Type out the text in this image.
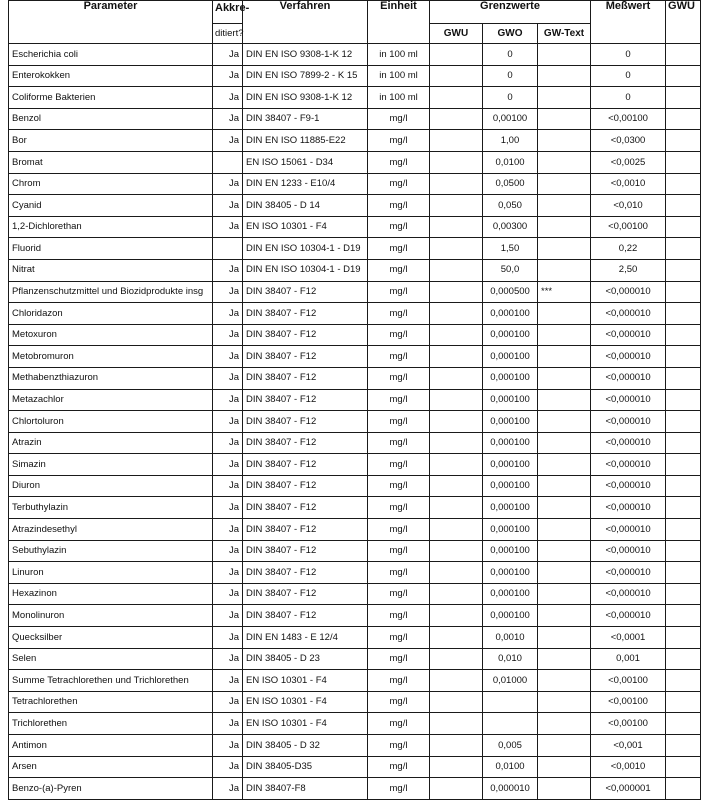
Parameter	Akkre-	Verfahren	Einheit	Grenzwerte			Meßwert	GWU
	ditiert?			GWU	GWO	GW-Text		
Escherichia coli	Ja	DIN EN ISO 9308-1-K 12	in 100 ml		0		0	
Enterokokken	Ja	DIN EN ISO 7899-2 - K 15	in 100 ml		0		0	
Coliforme Bakterien	Ja	DIN EN ISO 9308-1-K 12	in 100 ml		0		0	
Benzol	Ja	DIN 38407 - F9-1	mg/l		0,00100		<0,00100	
Bor	Ja	DIN EN ISO 11885-E22	mg/l		1,00		<0,0300	
Bromat		EN ISO 15061 - D34	mg/l		0,0100		<0,0025	
Chrom	Ja	DIN EN 1233 - E10/4	mg/l		0,0500		<0,0010	
Cyanid	Ja	DIN 38405 - D 14	mg/l		0,050		<0,010	
1,2-Dichlorethan	Ja	EN ISO 10301 - F4	mg/l		0,00300		<0,00100	
Fluorid		DIN EN ISO 10304-1 - D19	mg/l		1,50		0,22	
Nitrat	Ja	DIN EN ISO 10304-1 - D19	mg/l		50,0		2,50	
Pflanzenschutzmittel und Biozidprodukte insg	Ja	DIN 38407 - F12	mg/l		0,000500	***	<0,000010	
Chloridazon	Ja	DIN 38407 - F12	mg/l		0,000100		<0,000010	
Metoxuron	Ja	DIN 38407 - F12	mg/l		0,000100		<0,000010	
Metobromuron	Ja	DIN 38407 - F12	mg/l		0,000100		<0,000010	
Methabenzthiazuron	Ja	DIN 38407 - F12	mg/l		0,000100		<0,000010	
Metazachlor	Ja	DIN 38407 - F12	mg/l		0,000100		<0,000010	
Chlortoluron	Ja	DIN 38407 - F12	mg/l		0,000100		<0,000010	
Atrazin	Ja	DIN 38407 - F12	mg/l		0,000100		<0,000010	
Simazin	Ja	DIN 38407 - F12	mg/l		0,000100		<0,000010	
Diuron	Ja	DIN 38407 - F12	mg/l		0,000100		<0,000010	
Terbuthylazin	Ja	DIN 38407 - F12	mg/l		0,000100		<0,000010	
Atrazindesethyl	Ja	DIN 38407 - F12	mg/l		0,000100		<0,000010	
Sebuthylazin	Ja	DIN 38407 - F12	mg/l		0,000100		<0,000010	
Linuron	Ja	DIN 38407 - F12	mg/l		0,000100		<0,000010	
Hexazinon	Ja	DIN 38407 - F12	mg/l		0,000100		<0,000010	
Monolinuron	Ja	DIN 38407 - F12	mg/l		0,000100		<0,000010	
Quecksilber	Ja	DIN EN 1483 - E 12/4	mg/l		0,0010		<0,0001	
Selen	Ja	DIN 38405 - D 23	mg/l		0,010		0,001	
Summe Tetrachlorethen und Trichlorethen	Ja	EN ISO 10301 - F4	mg/l		0,01000		<0,00100	
Tetrachlorethen	Ja	EN ISO 10301 - F4	mg/l				<0,00100	
Trichlorethen	Ja	EN ISO 10301 - F4	mg/l				<0,00100	
Antimon	Ja	DIN 38405 - D 32	mg/l		0,005		<0,001	
Arsen	Ja	DIN 38405-D35	mg/l		0,0100		<0,0010	
Benzo-(a)-Pyren	Ja	DIN 38407-F8	mg/l		0,000010		<0,000001	
